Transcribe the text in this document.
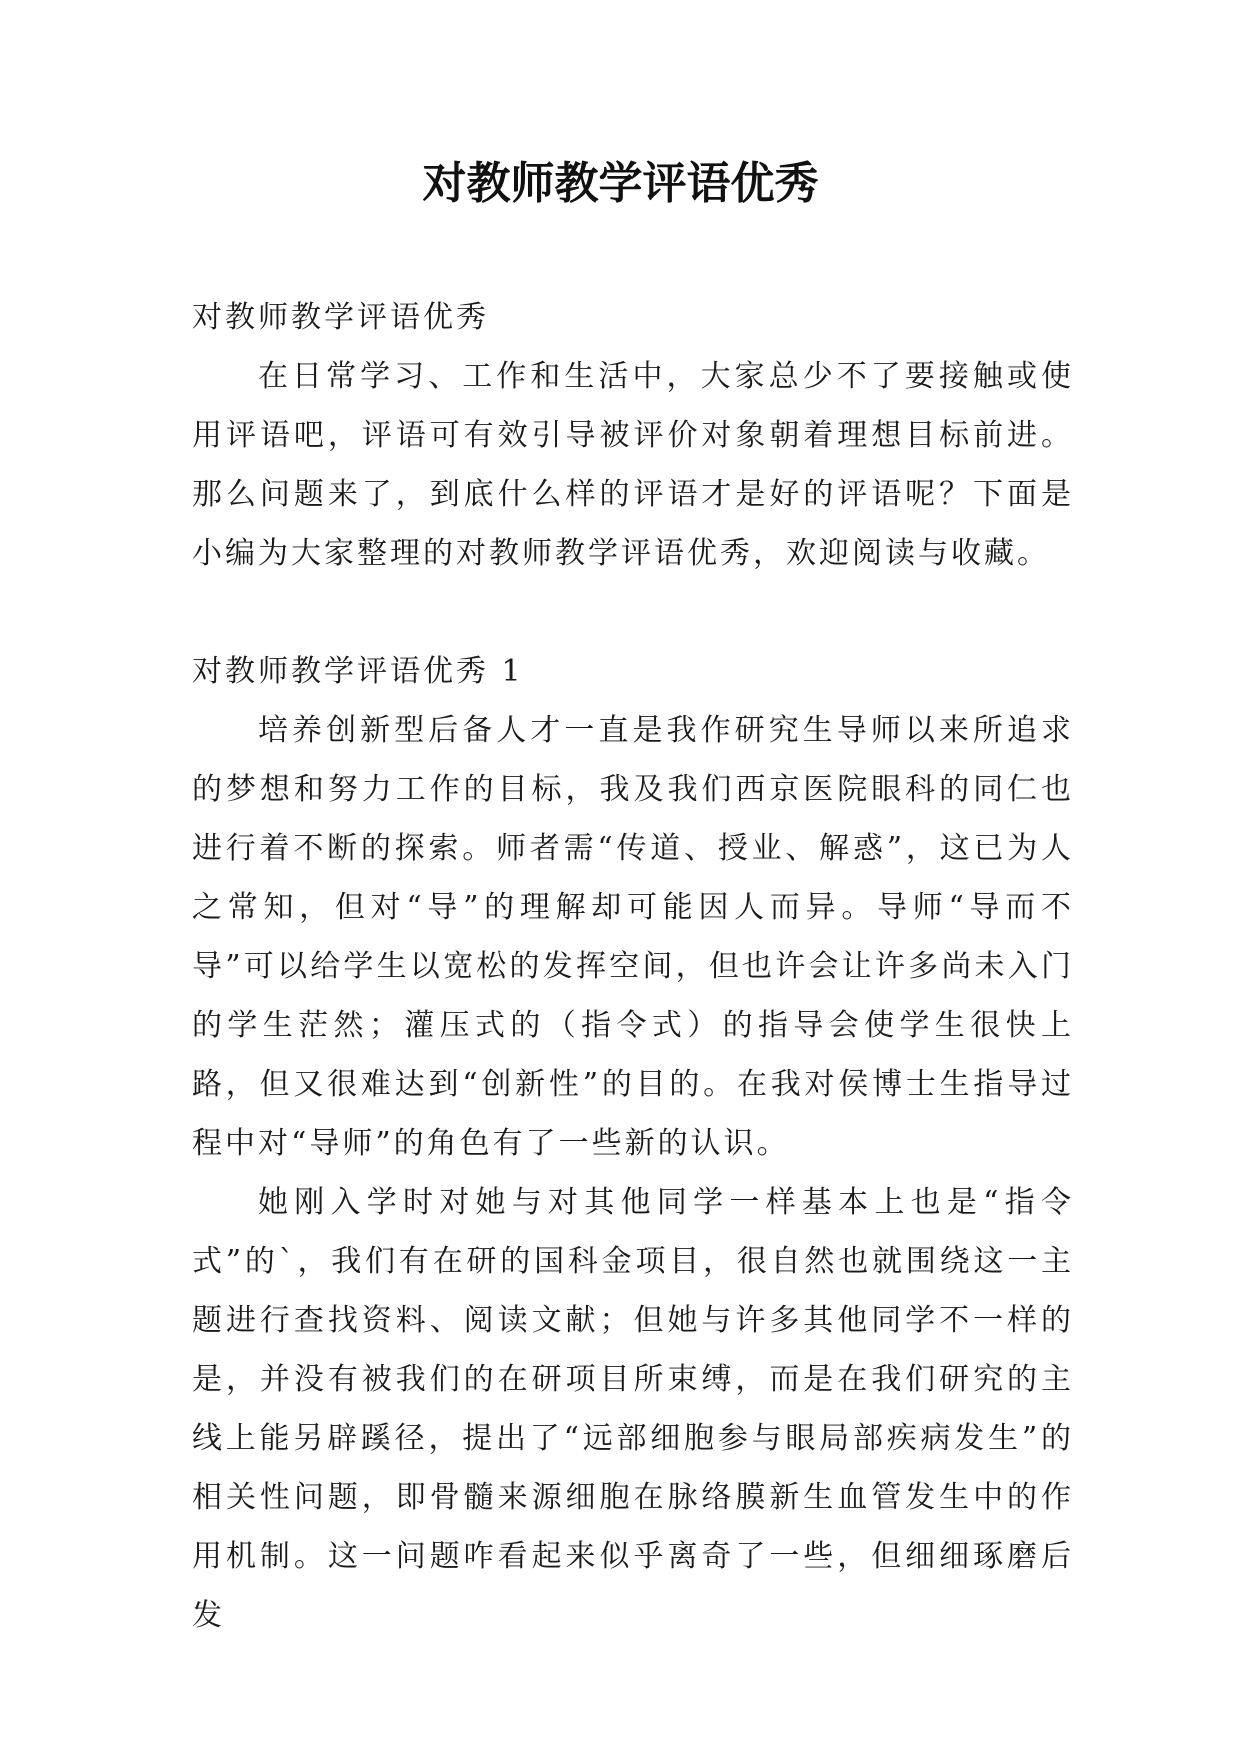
对教师教学评语优秀

对教师教学评语优秀

在日常学习、工作和生活中，大家总少不了要接触或使用评语吧，评语可有效引导被评价对象朝着理想目标前进。那么问题来了，到底什么样的评语才是好的评语呢？下面是小编为大家整理的对教师教学评语优秀，欢迎阅读与收藏。

对教师教学评语优秀 1

培养创新型后备人才一直是我作研究生导师以来所追求的梦想和努力工作的目标，我及我们西京医院眼科的同仁也进行着不断的探索。师者需“传道、授业、解惑”，这已为人之常知，但对“导”的理解却可能因人而异。导师“导而不导”可以给学生以宽松的发挥空间，但也许会让许多尚未入门的学生茫然；灌压式的（指令式）的指导会使学生很快上路，但又很难达到“创新性”的目的。在我对侯博士生指导过程中对“导师”的角色有了一些新的认识。

她刚入学时对她与对其他同学一样基本上也是“指令式”的`，我们有在研的国科金项目，很自然也就围绕这一主题进行查找资料、阅读文献；但她与许多其他同学不一样的是，并没有被我们的在研项目所束缚，而是在我们研究的主线上能另辟蹊径，提出了“远部细胞参与眼局部疾病发生”的相关性问题，即骨髓来源细胞在脉络膜新生血管发生中的作用机制。这一问题咋看起来似乎离奇了一些，但细细琢磨后发
